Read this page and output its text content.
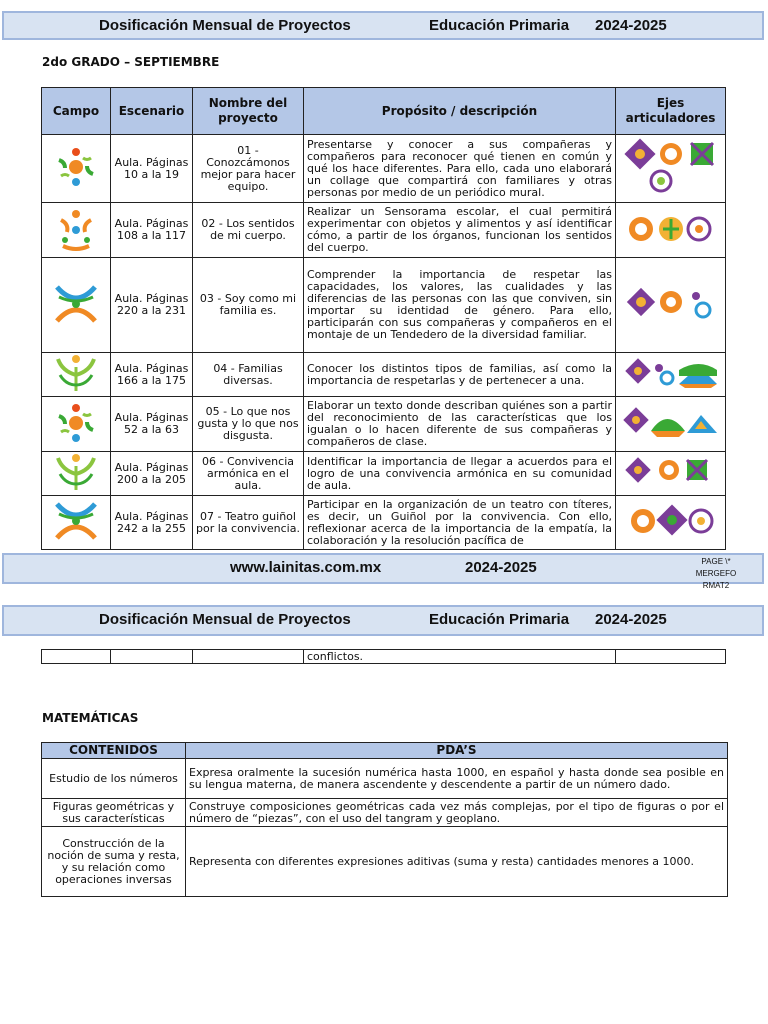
Dosificación Mensual de Proyectos	Educación Primaria 2024-2025
2do GRADO – SEPTIEMBRE
Campo	Escenario	Nombre del proyecto	Propósito / descripción	Ejes articuladores
	Aula. Páginas 10 a la 19	01 - Conozcámonos mejor para hacer equipo.	Presentarse y conocer a sus compañeras y compañeros para reconocer qué tienen en común y qué los hace diferentes. Para ello, cada uno elaborará un collage que compartirá con familiares y otras personas por medio de un periódico mural.	
	Aula. Páginas 108 a la 117	02 - Los sentidos de mi cuerpo.	Realizar un Sensorama escolar, el cual permitirá experimentar con objetos y alimentos y así identificar cómo, a partir de los órganos, funcionan los sentidos del cuerpo.	
	Aula. Páginas 220 a la 231	03 - Soy como mi familia es.	Comprender la importancia de respetar las capacidades, los valores, las cualidades y las diferencias de las personas con las que conviven, sin importar su identidad de género. Para ello, participarán con sus compañeras y compañeros en el montaje de un Tendedero de la diversidad familiar.	
	Aula. Páginas 166 a la 175	04 - Familias diversas.	Conocer los distintos tipos de familias, así como la importancia de respetarlas y de pertenecer a una.	
	Aula. Páginas 52 a la 63	05 - Lo que nos gusta y lo que nos disgusta.	Elaborar un texto donde describan quiénes son a partir del reconocimiento de las características que los igualan o lo hacen diferente de sus compañeras y compañeros de clase.	
	Aula. Páginas 200 a la 205	06 - Convivencia armónica en el aula.	Identificar la importancia de llegar a acuerdos para el logro de una convivencia armónica en su comunidad de aula.	
	Aula. Páginas 242 a la 255	07 - Teatro guiñol por la convivencia.	Participar en la organización de un teatro con títeres, es decir, un Guiñol por la convivencia. Con ello, reflexionar acerca de la importancia de la empatía, la colaboración y la resolución pacífica de	
www.lainitas.com.mx	2024-2025	PAGE \* MERGEFO RMAT2
Dosificación Mensual de Proyectos	Educación Primaria 2024-2025
			conflictos.	
MATEMÁTICAS
CONTENIDOS	PDA’S
Estudio de los números	Expresa oralmente la sucesión numérica hasta 1000, en español y hasta donde sea posible en su lengua materna, de manera ascendente y descendente a partir de un número dado.
Figuras geométricas y sus características	Construye composiciones geométricas cada vez más complejas, por el tipo de figuras o por el número de “piezas”, con el uso del tangram y geoplano.
Construcción de la noción de suma y resta, y su relación como operaciones inversas	Representa con diferentes expresiones aditivas (suma y resta) cantidades menores a 1000.
